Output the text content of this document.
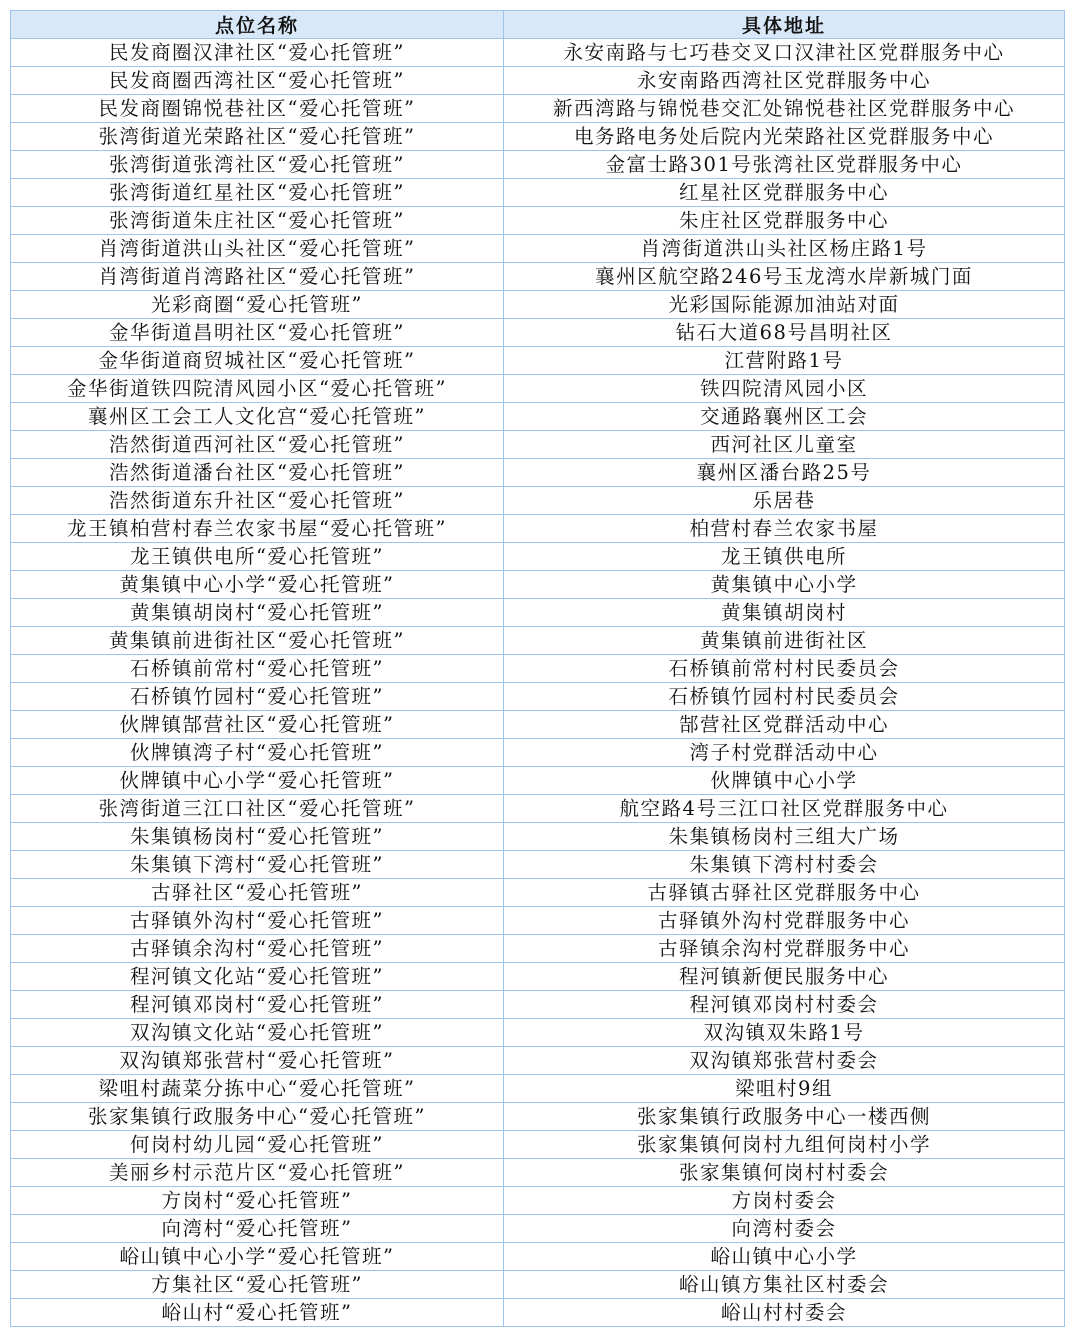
点位名称	具体地址
民发商圈汉津社区“爱心托管班”	永安南路与七巧巷交叉口汉津社区党群服务中心
民发商圈西湾社区“爱心托管班”	永安南路西湾社区党群服务中心
民发商圈锦悦巷社区“爱心托管班”	新西湾路与锦悦巷交汇处锦悦巷社区党群服务中心
张湾街道光荣路社区“爱心托管班”	电务路电务处后院内光荣路社区党群服务中心
张湾街道张湾社区“爱心托管班”	金富士路301号张湾社区党群服务中心
张湾街道红星社区“爱心托管班”	红星社区党群服务中心
张湾街道朱庄社区“爱心托管班”	朱庄社区党群服务中心
肖湾街道洪山头社区“爱心托管班”	肖湾街道洪山头社区杨庄路1号
肖湾街道肖湾路社区“爱心托管班”	襄州区航空路246号玉龙湾水岸新城门面
光彩商圈“爱心托管班”	光彩国际能源加油站对面
金华街道昌明社区“爱心托管班”	钻石大道68号昌明社区
金华街道商贸城社区“爱心托管班”	江营附路1号
金华街道铁四院清风园小区“爱心托管班”	铁四院清风园小区
襄州区工会工人文化宫“爱心托管班”	交通路襄州区工会
浩然街道西河社区“爱心托管班”	西河社区儿童室
浩然街道潘台社区“爱心托管班”	襄州区潘台路25号
浩然街道东升社区“爱心托管班”	乐居巷
龙王镇柏营村春兰农家书屋“爱心托管班”	柏营村春兰农家书屋
龙王镇供电所“爱心托管班”	龙王镇供电所
黄集镇中心小学“爱心托管班”	黄集镇中心小学
黄集镇胡岗村“爱心托管班”	黄集镇胡岗村
黄集镇前进街社区“爱心托管班”	黄集镇前进街社区
石桥镇前常村“爱心托管班”	石桥镇前常村村民委员会
石桥镇竹园村“爱心托管班”	石桥镇竹园村村民委员会
伙牌镇郜营社区“爱心托管班”	郜营社区党群活动中心
伙牌镇湾子村“爱心托管班”	湾子村党群活动中心
伙牌镇中心小学“爱心托管班”	伙牌镇中心小学
张湾街道三江口社区“爱心托管班”	航空路4号三江口社区党群服务中心
朱集镇杨岗村“爱心托管班”	朱集镇杨岗村三组大广场
朱集镇下湾村“爱心托管班”	朱集镇下湾村村委会
古驿社区“爱心托管班”	古驿镇古驿社区党群服务中心
古驿镇外沟村“爱心托管班”	古驿镇外沟村党群服务中心
古驿镇余沟村“爱心托管班”	古驿镇余沟村党群服务中心
程河镇文化站“爱心托管班”	程河镇新便民服务中心
程河镇邓岗村“爱心托管班”	程河镇邓岗村村委会
双沟镇文化站“爱心托管班”	双沟镇双朱路1号
双沟镇郑张营村“爱心托管班”	双沟镇郑张营村委会
梁咀村蔬菜分拣中心“爱心托管班”	梁咀村9组
张家集镇行政服务中心“爱心托管班”	张家集镇行政服务中心一楼西侧
何岗村幼儿园“爱心托管班”	张家集镇何岗村九组何岗村小学
美丽乡村示范片区“爱心托管班”	张家集镇何岗村村委会
方岗村“爱心托管班”	方岗村委会
向湾村“爱心托管班”	向湾村委会
峪山镇中心小学“爱心托管班”	峪山镇中心小学
方集社区“爱心托管班”	峪山镇方集社区村委会
峪山村“爱心托管班”	峪山村村委会
